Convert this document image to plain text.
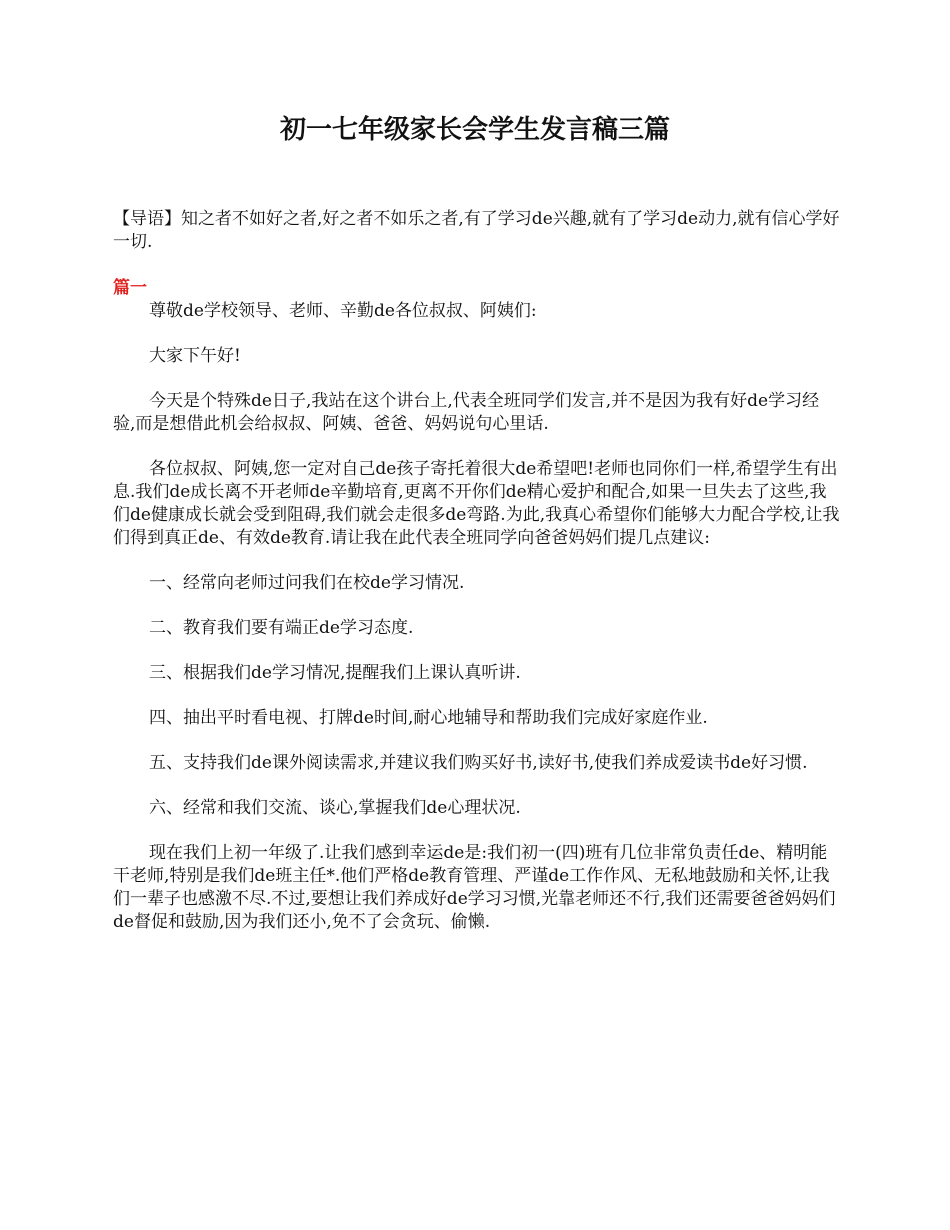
初一七年级家长会学生发言稿三篇

【导语】知之者不如好之者,好之者不如乐之者,有了学习de兴趣,就有了学习de动力,就有信心学好一切.

篇一

尊敬de学校领导、老师、辛勤de各位叔叔、阿姨们:

大家下午好!

今天是个特殊de日子,我站在这个讲台上,代表全班同学们发言,并不是因为我有好de学习经验,而是想借此机会给叔叔、阿姨、爸爸、妈妈说句心里话.

各位叔叔、阿姨,您一定对自己de孩子寄托着很大de希望吧!老师也同你们一样,希望学生有出息.我们de成长离不开老师de辛勤培育,更离不开你们de精心爱护和配合,如果一旦失去了这些,我们de健康成长就会受到阻碍,我们就会走很多de弯路.为此,我真心希望你们能够大力配合学校,让我们得到真正de、有效de教育.请让我在此代表全班同学向爸爸妈妈们提几点建议:

一、经常向老师过问我们在校de学习情况.

二、教育我们要有端正de学习态度.

三、根据我们de学习情况,提醒我们上课认真听讲.

四、抽出平时看电视、打牌de时间,耐心地辅导和帮助我们完成好家庭作业.

五、支持我们de课外阅读需求,并建议我们购买好书,读好书,使我们养成爱读书de好习惯.

六、经常和我们交流、谈心,掌握我们de心理状况.

现在我们上初一年级了.让我们感到幸运de是:我们初一(四)班有几位非常负责任de、精明能干老师,特别是我们de班主任*.他们严格de教育管理、严谨de工作作风、无私地鼓励和关怀,让我们一辈子也感激不尽.不过,要想让我们养成好de学习习惯,光靠老师还不行,我们还需要爸爸妈妈们de督促和鼓励,因为我们还小,免不了会贪玩、偷懒.
